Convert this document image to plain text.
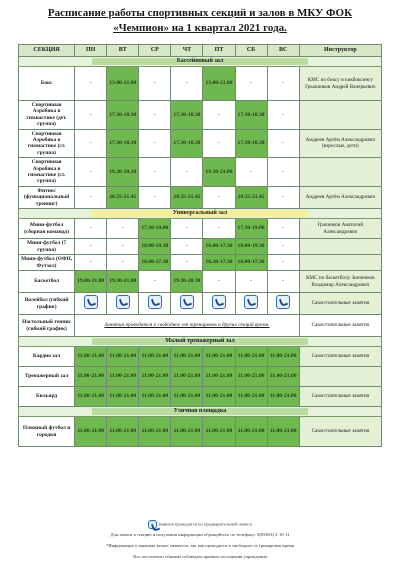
Расписание работы спортивных секций и залов в МКУ ФОК
«Чемпион» на 1 квартал 2021 года.
СЕКЦИЯ	ПН	ВТ	СР	ЧТ	ПТ	СБ	ВС	Инструктор

Бассейновый зал								

Бокс	-	13.00-21.00	-	-	13.00-21.00	-	-	КМС по боксу и кикбоксингу Грыжинков Андрей Валерьевич
Спортивная Аэробика в гимнастике (дет. группа)	-	17.30-18.30	-	17.30-18.30	-	17.30-18.30	-	
Спортивная Аэробика в гимнастике (ст. группа)	-	17.30-18.30	-	17.30-18.30	-	17.30-18.30	-	Андреев Артём Александрович (взрослые, дети)
Спортивная Аэробика в гимнастике (ст. группа)	-	19.30-20.30	-	-	19.30-21.00	-	-	
Фитнес (функциональный тренинг)	-	20.35-21.45	-	20.35-21.45	-	20.35-21.45	-	Андреев Артём Александрович

Универсальный зал								

Мини-футбол (сборная команда)	-	-	17.30-19.00	-	-	17.30-19.00	-	Грачников Анатолий Александрович
Мини-футбол (7 группа)	-	-	18.00-19.30	-	16.00-17.30	18.00-19.30	-	
Мини-футбол (ОФП, Футзал)	-	-	16.00-17.30	-	16.30-17.30	16.00-17.30	-	
Баскетбол	19.00-21.00	19.30-21.00	-	19.30-20.30	-	-	-	КМС по баскетболу Зинченков Владимир Александрович
Волейбол (гибкий график)								Самостоятельные занятия
Настольный теннис (гибкий график)	Занятия проводятся в свободное от тренировок в других секций время.							Самостоятельные занятия

Малый тренажерный зал								

Кардио зал	11.00-21.00	11.00-21.00	11.00-21.00	11.00-21.00	11.00-21.00	11.00-21.00	11.00-21.00	Самостоятельные занятия
Тренажерный зал	11.00-21.00	11.00-21.00	11.00-21.00	11.00-21.00	11.00-21.00	11.00-21.00	11.00-21.00	
Бильярд	11.00-21.00	11.00-21.00	11.00-21.00	11.00-21.00	11.00-21.00	11.00-21.00	11.00-21.00	Самостоятельные занятия

Уличная площадка								

Пляжный футбол и городки	11.00-21.00	11.00-21.00	11.00-21.00	11.00-21.00	11.00-21.00	11.00-21.00	11.00-21.00	Самостоятельные занятия
Занятия проводятся по предварительной записи
Для записи в секцию и получения информации обращайтесь по телефону: 8(83653) 2-16-11
*Информация о занятиях может меняться, так как проводится в свободное от тренировок время
Все посетители обязаны соблюдать правила посещения учреждения
